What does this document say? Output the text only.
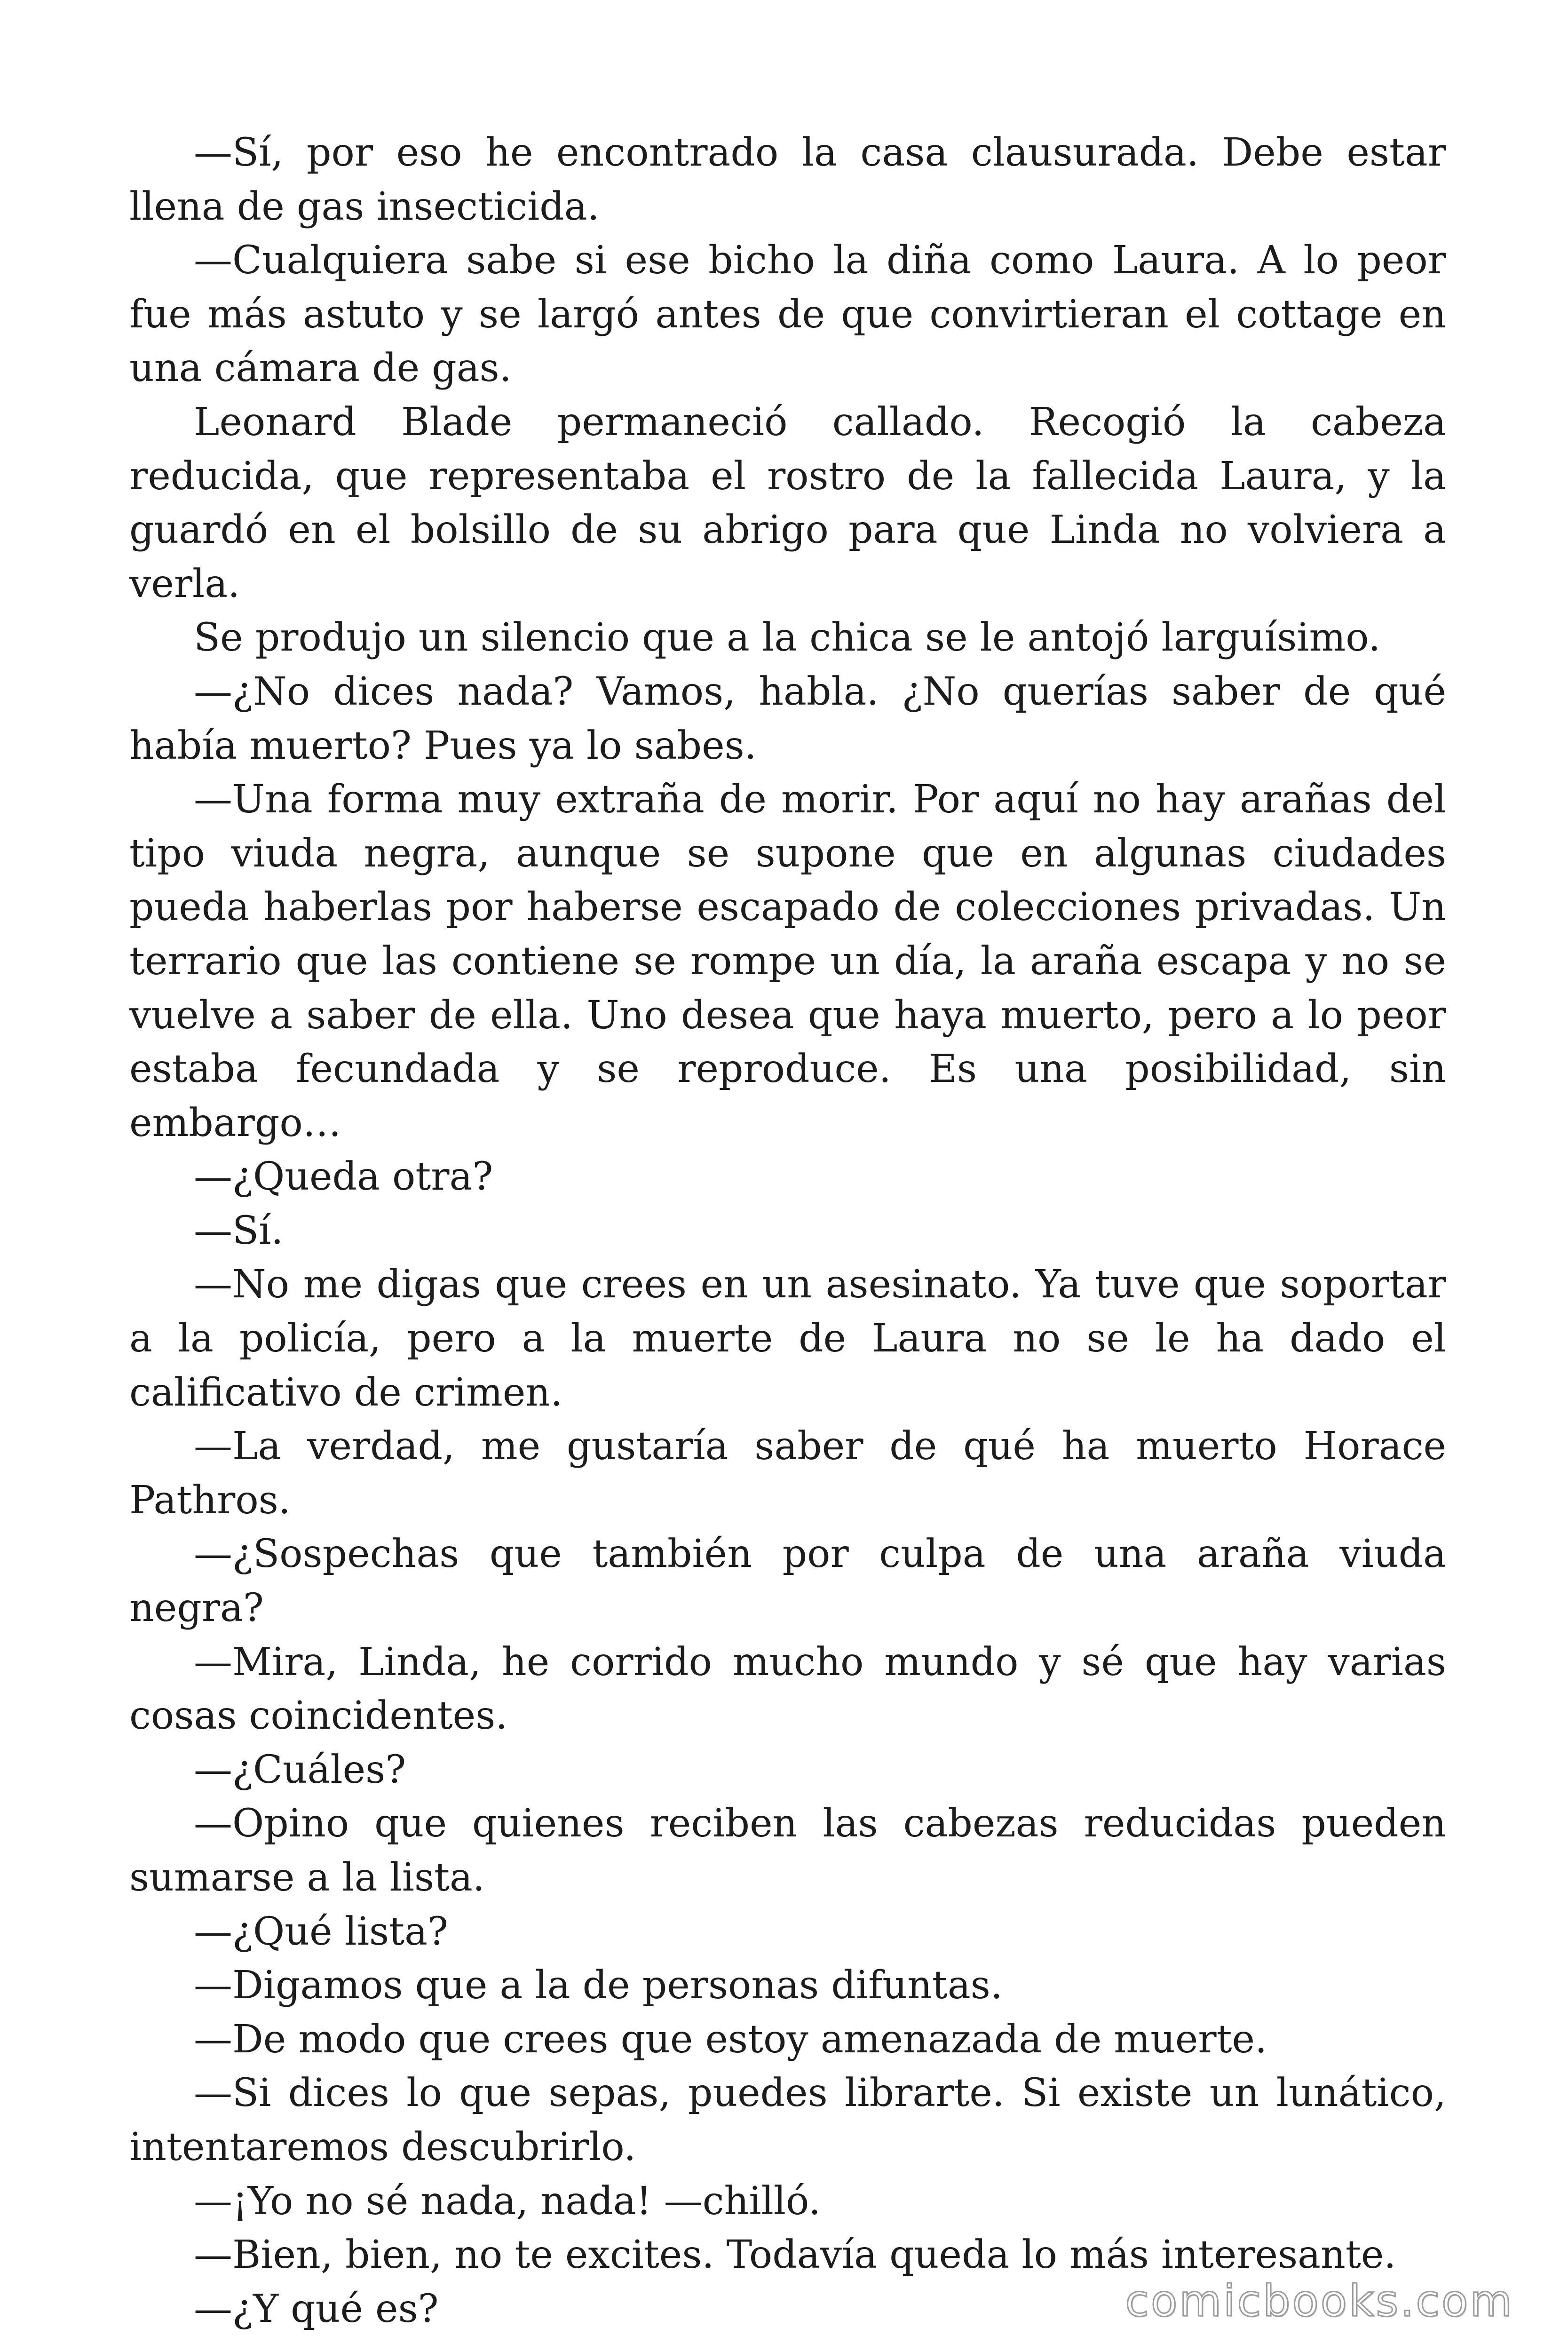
—Sí, por eso he encontrado la casa clausurada. Debe estar llena de gas insecticida.

—Cualquiera sabe si ese bicho la diña como Laura. A lo peor fue más astuto y se largó antes de que convirtieran el cottage en una cámara de gas.

Leonard Blade permaneció callado. Recogió la cabeza reducida, que representaba el rostro de la fallecida Laura, y la guardó en el bolsillo de su abrigo para que Linda no volviera a verla.

Se produjo un silencio que a la chica se le antojó larguísimo.

—¿No dices nada? Vamos, habla. ¿No querías saber de qué había muerto? Pues ya lo sabes.

—Una forma muy extraña de morir. Por aquí no hay arañas del tipo viuda negra, aunque se supone que en algunas ciudades pueda haberlas por haberse escapado de colecciones privadas. Un terrario que las contiene se rompe un día, la araña escapa y no se vuelve a saber de ella. Uno desea que haya muerto, pero a lo peor estaba fecundada y se reproduce. Es una posibilidad, sin embargo…

—¿Queda otra?

—Sí.

—No me digas que crees en un asesinato. Ya tuve que soportar a la policía, pero a la muerte de Laura no se le ha dado el calificativo de crimen.

—La verdad, me gustaría saber de qué ha muerto Horace Pathros.

—¿Sospechas que también por culpa de una araña viuda negra?

—Mira, Linda, he corrido mucho mundo y sé que hay varias cosas coincidentes.

—¿Cuáles?

—Opino que quienes reciben las cabezas reducidas pueden sumarse a la lista.

—¿Qué lista?

—Digamos que a la de personas difuntas.

—De modo que crees que estoy amenazada de muerte.

—Si dices lo que sepas, puedes librarte. Si existe un lunático, intentaremos descubrirlo.

—¡Yo no sé nada, nada! —chilló.

—Bien, bien, no te excites. Todavía queda lo más interesante.

—¿Y qué es?	comicbooks.com
